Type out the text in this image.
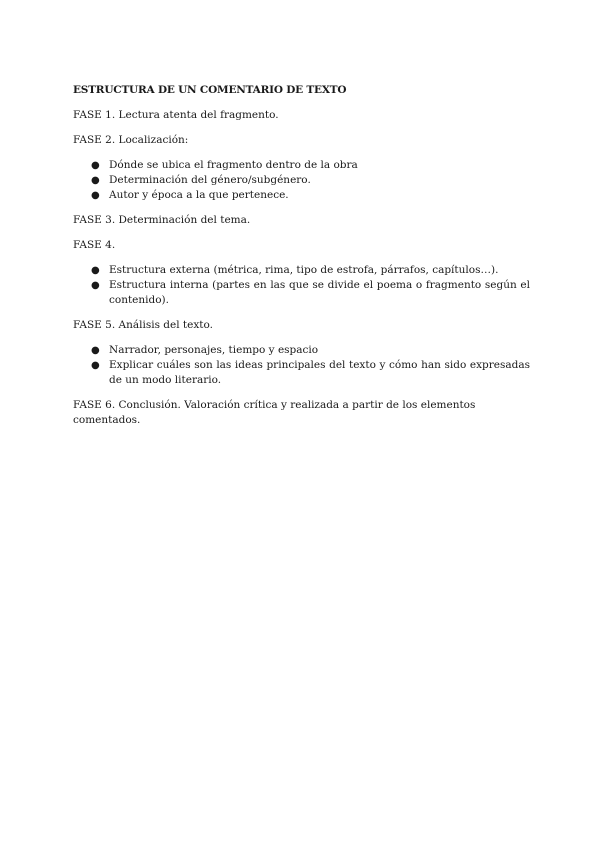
ESTRUCTURA DE UN COMENTARIO DE TEXTO

FASE 1. Lectura atenta del fragmento.

FASE 2. Localización:

● Dónde se ubica el fragmento dentro de la obra
● Determinación del género/subgénero.
● Autor y época a la que pertenece.

FASE 3. Determinación del tema.

FASE 4.

● Estructura externa (métrica, rima, tipo de estrofa, párrafos, capítulos…).
● Estructura interna (partes en las que se divide el poema o fragmento según el contenido).

FASE 5. Análisis del texto.

● Narrador, personajes, tiempo y espacio
● Explicar cuáles son las ideas principales del texto y cómo han sido expresadas de un modo literario.

FASE 6. Conclusión. Valoración crítica y realizada a partir de los elementos comentados.
